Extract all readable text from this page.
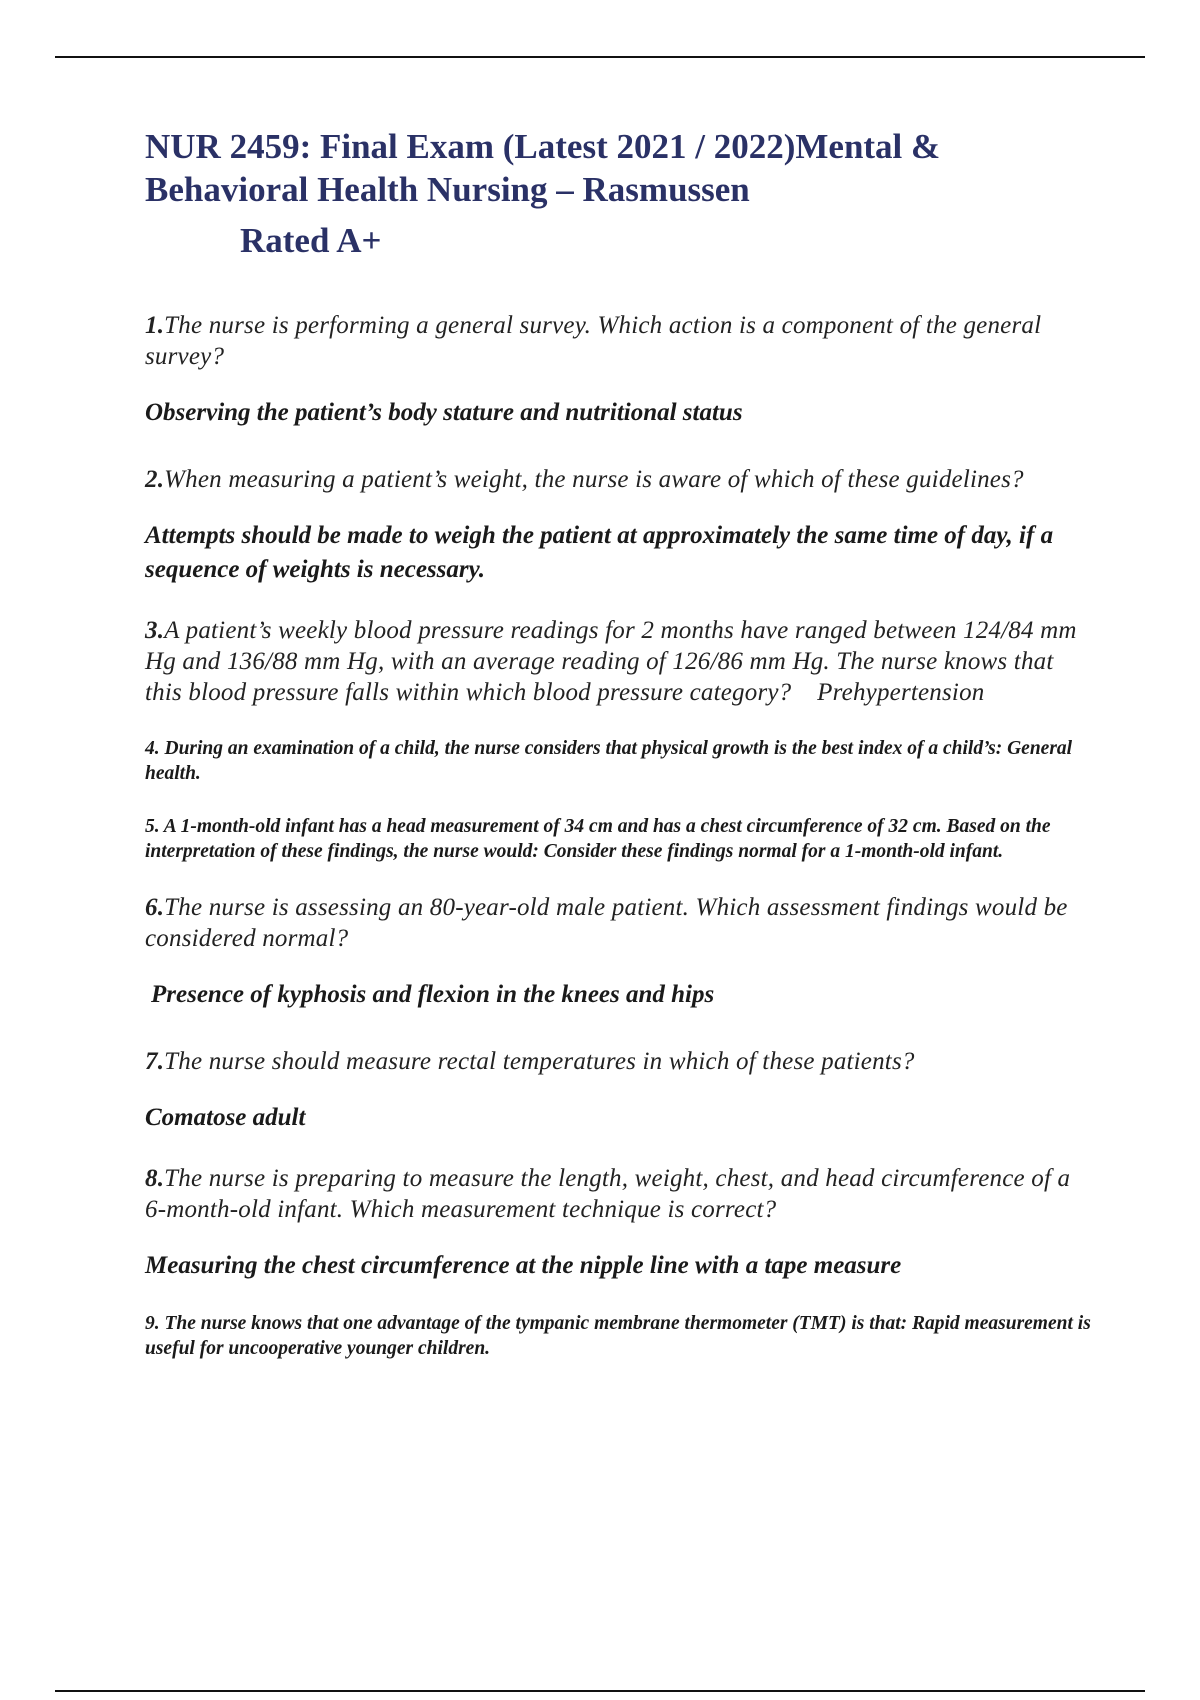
NUR 2459: Final Exam (Latest 2021 / 2022)Mental & Behavioral Health Nursing – Rasmussen
Rated A+

1.The nurse is performing a general survey. Which action is a component of the general survey?

Observing the patient’s body stature and nutritional status

2.When measuring a patient’s weight, the nurse is aware of which of these guidelines?

Attempts should be made to weigh the patient at approximately the same time of day, if a sequence of weights is necessary.

3.A patient’s weekly blood pressure readings for 2 months have ranged between 124/84 mm Hg and 136/88 mm Hg, with an average reading of 126/86 mm Hg. The nurse knows that this blood pressure falls within which blood pressure category?    Prehypertension

4. During an examination of a child, the nurse considers that physical growth is the best index of a child’s: General health.

5. A 1-month-old infant has a head measurement of 34 cm and has a chest circumference of 32 cm. Based on the interpretation of these findings, the nurse would: Consider these findings normal for a 1-month-old infant.

6.The nurse is assessing an 80-year-old male patient. Which assessment findings would be considered normal?

Presence of kyphosis and flexion in the knees and hips

7.The nurse should measure rectal temperatures in which of these patients?

Comatose adult

8.The nurse is preparing to measure the length, weight, chest, and head circumference of a 6-month-old infant. Which measurement technique is correct?

Measuring the chest circumference at the nipple line with a tape measure

9. The nurse knows that one advantage of the tympanic membrane thermometer (TMT) is that: Rapid measurement is useful for uncooperative younger children.
